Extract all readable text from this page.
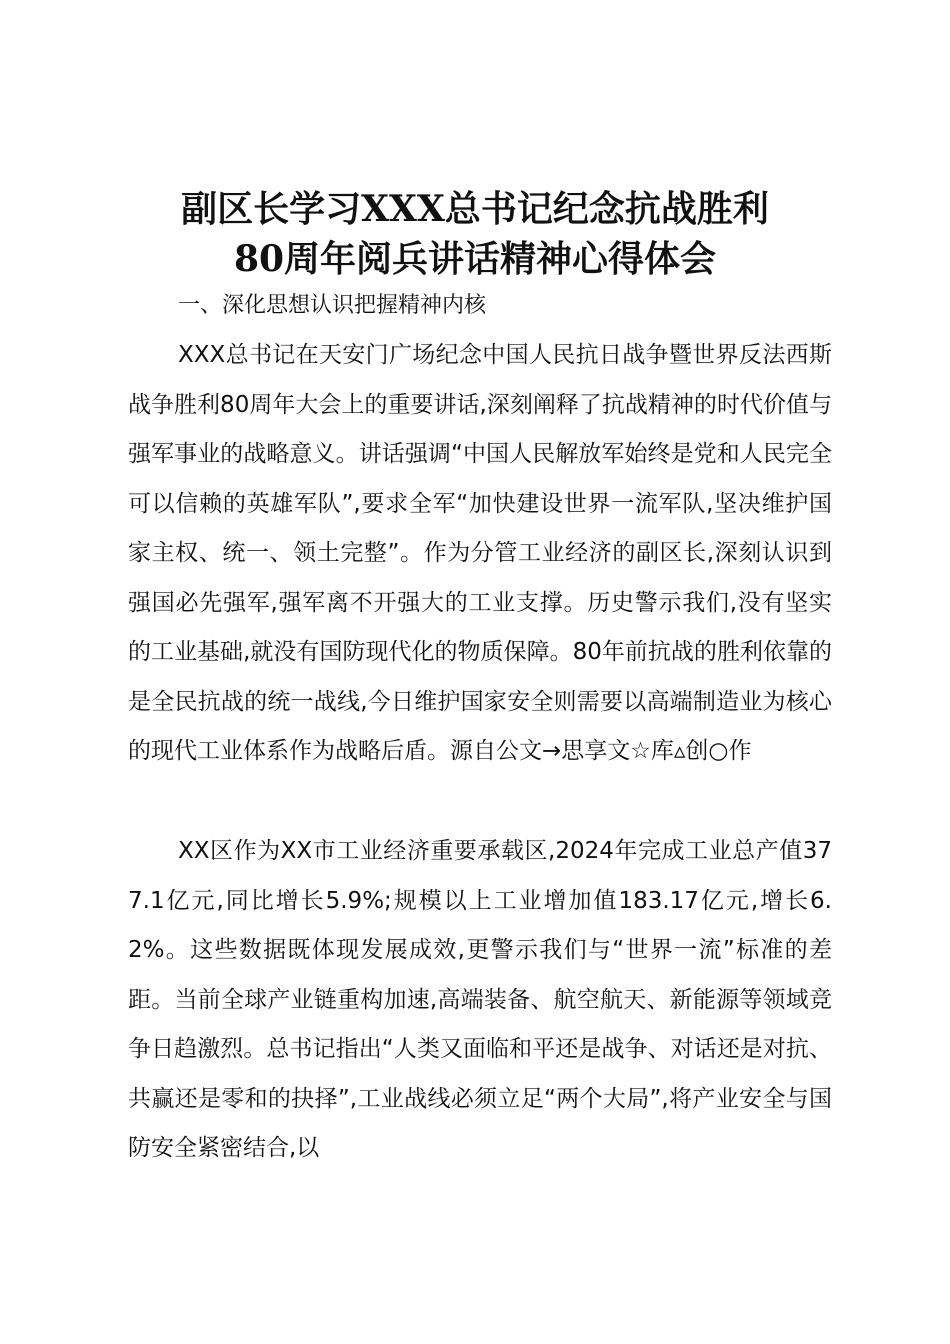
副区长学习XXX总书记纪念抗战胜利
80周年阅兵讲话精神心得体会
一、深化思想认识把握精神内核

XXX总书记在天安门广场纪念中国人民抗日战争暨世界反法西斯战争胜利80周年大会上的重要讲话,深刻阐释了抗战精神的时代价值与强军事业的战略意义。讲话强调“中国人民解放军始终是党和人民完全可以信赖的英雄军队”,要求全军“加快建设世界一流军队,坚决维护国家主权、统一、领土完整”。作为分管工业经济的副区长,深刻认识到强国必先强军,强军离不开强大的工业支撑。历史警示我们,没有坚实的工业基础,就没有国防现代化的物质保障。80年前抗战的胜利依靠的是全民抗战的统一战线,今日维护国家安全则需要以高端制造业为核心的现代工业体系作为战略后盾。源自公文→思享文☆库▵创○作

XX区作为XX市工业经济重要承载区,2024年完成工业总产值377.1亿元,同比增长5.9%;规模以上工业增加值183.17亿元,增长6.2%。这些数据既体现发展成效,更警示我们与“世界一流”标准的差距。当前全球产业链重构加速,高端装备、航空航天、新能源等领域竞争日趋激烈。总书记指出“人类又面临和平还是战争、对话还是对抗、共赢还是零和的抉择”,工业战线必须立足“两个大局”,将产业安全与国防安全紧密结合,以
